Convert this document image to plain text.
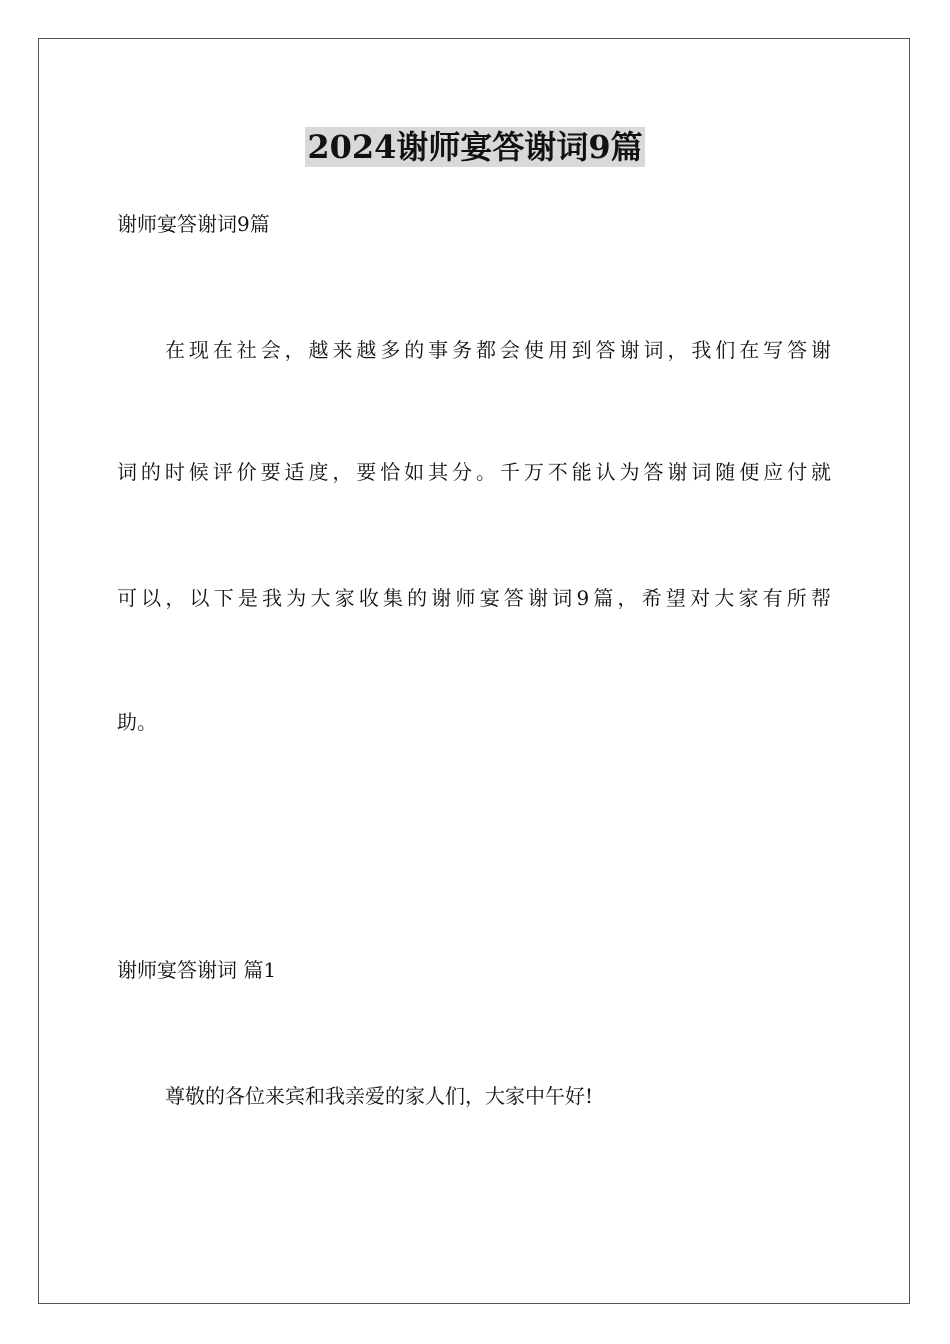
2024谢师宴答谢词9篇
谢师宴答谢词9篇
在现在社会，越来越多的事务都会使用到答谢词，我们在写答谢
词的时候评价要适度，要恰如其分。千万不能认为答谢词随便应付就
可以，以下是我为大家收集的谢师宴答谢词9篇，希望对大家有所帮
助。
谢师宴答谢词 篇1
尊敬的各位来宾和我亲爱的家人们，大家中午好!
